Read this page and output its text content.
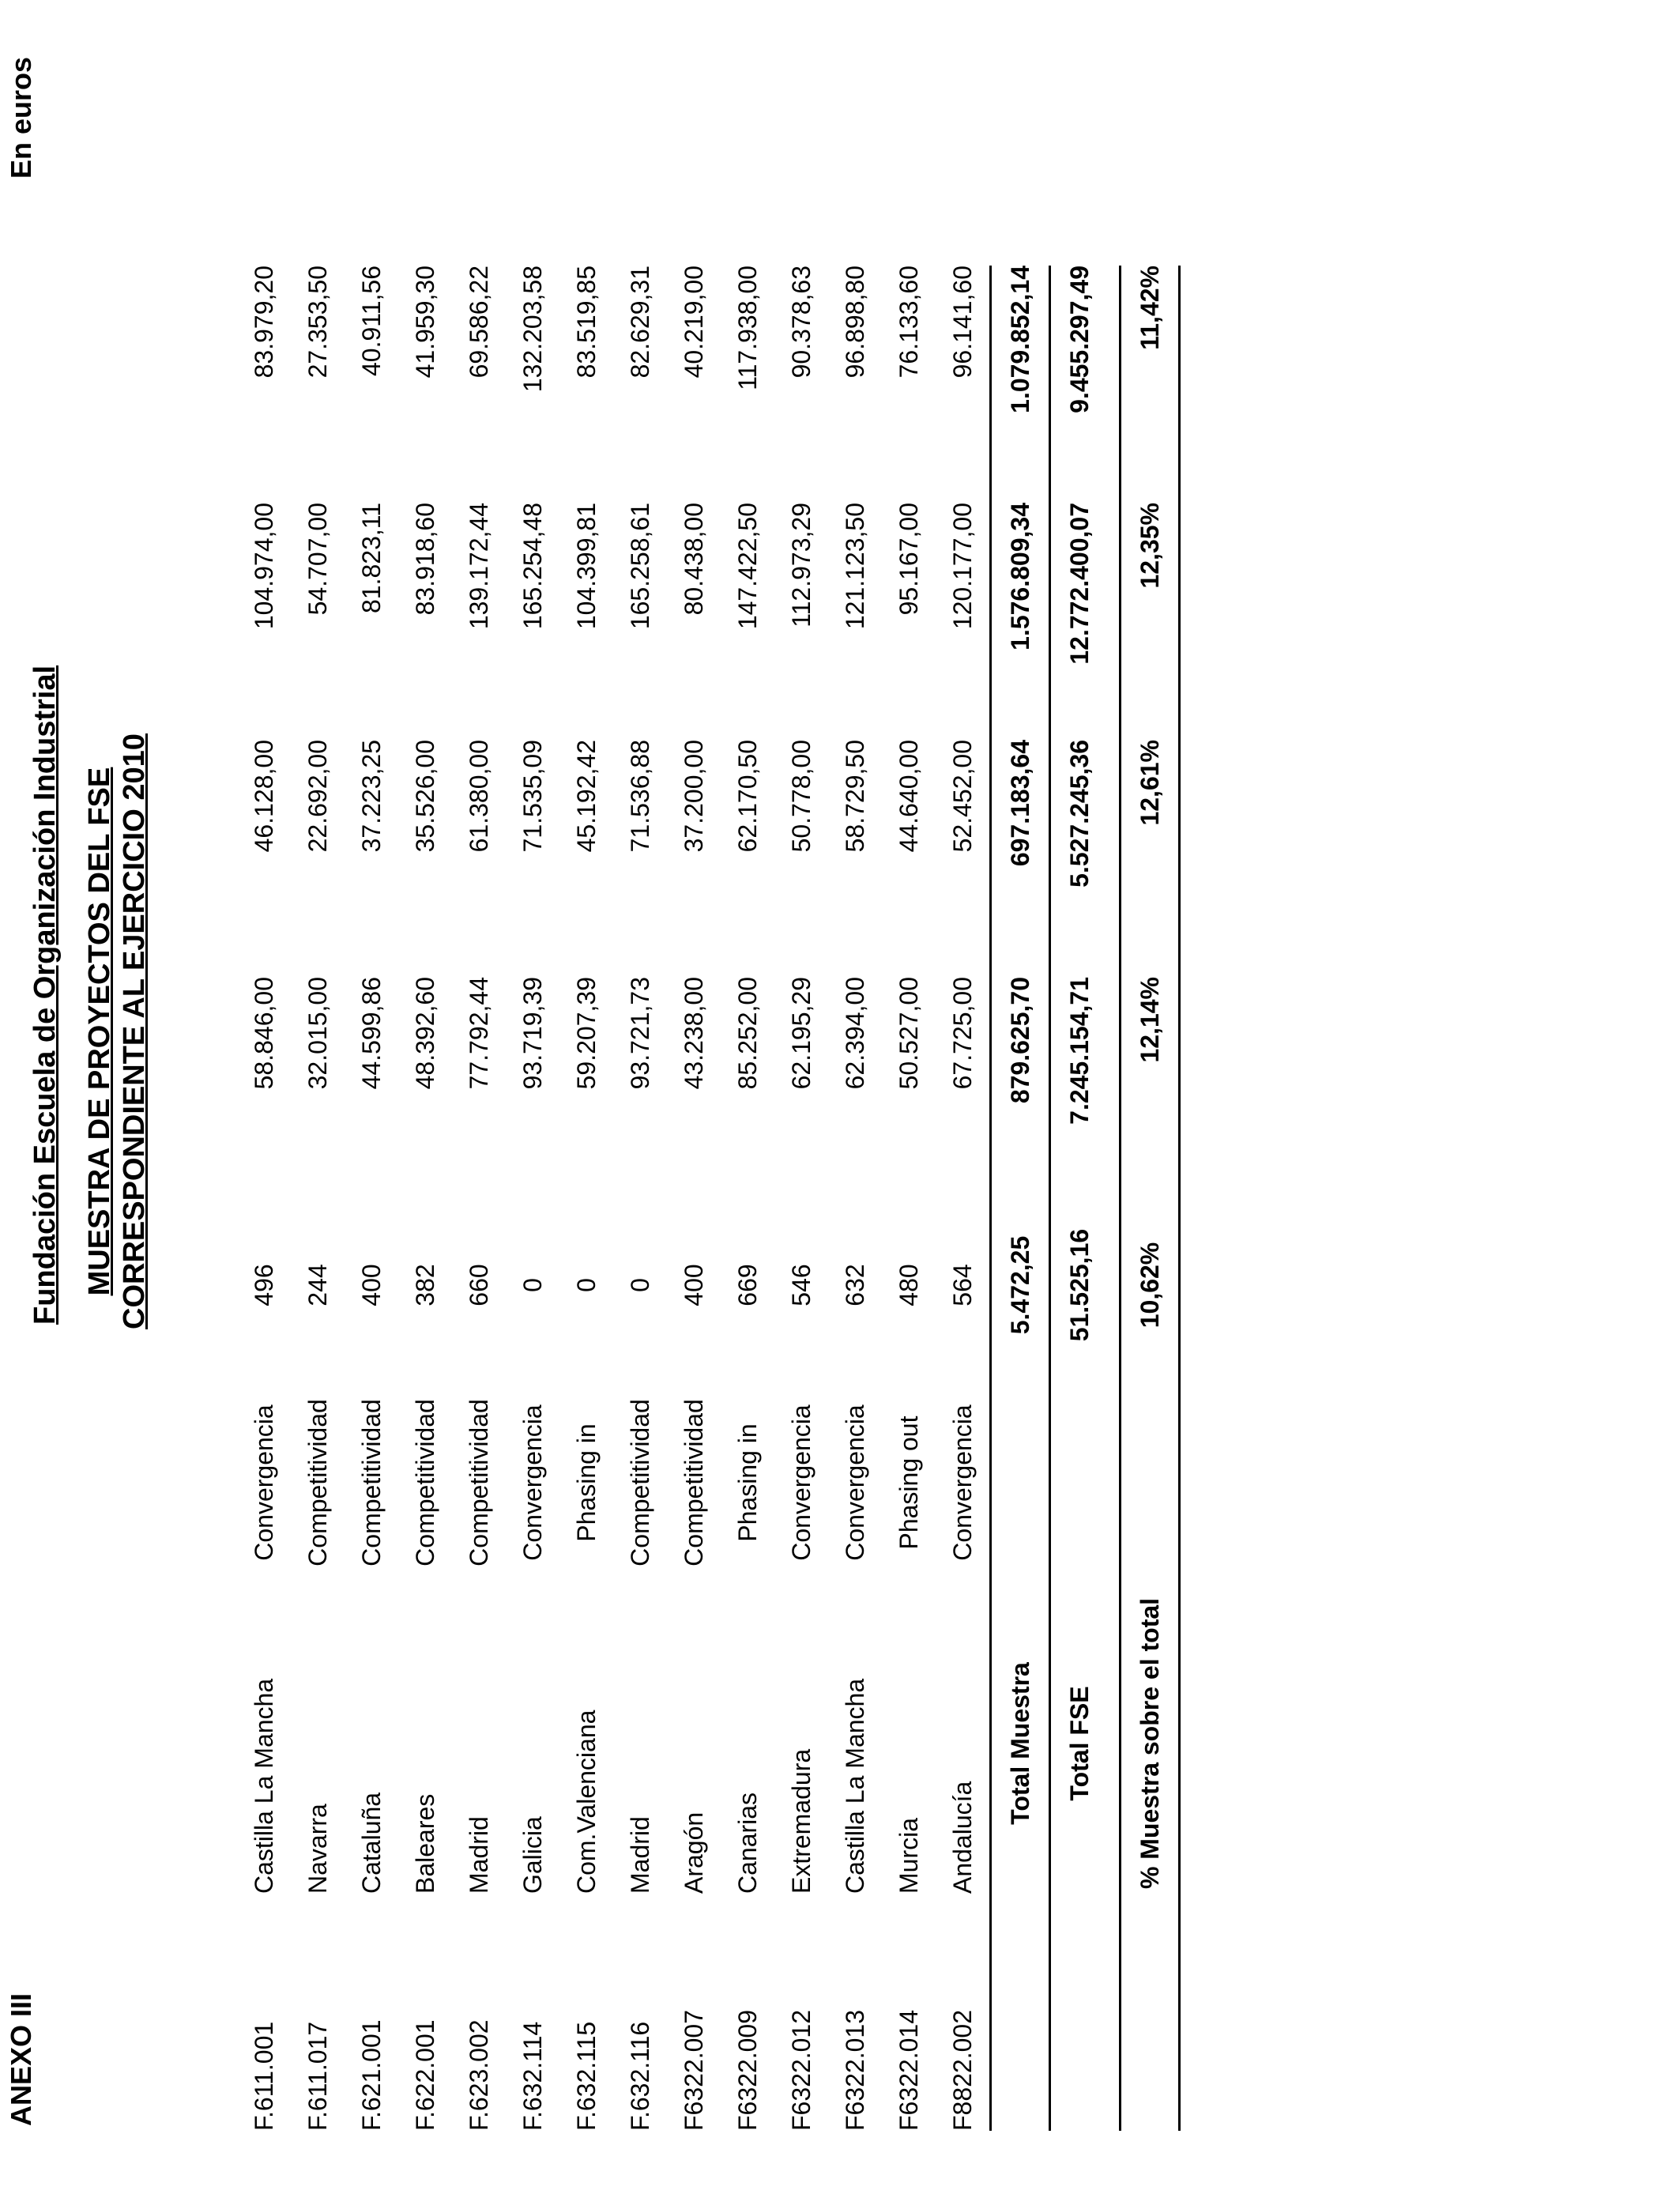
ANEXO III
En euros
Fundación Escuela de Organización Industrial MUESTRA DE PROYECTOS DEL FSE CORRESPONDIENTE AL EJERCICIO 2010
F.611.001	Castilla La Mancha	Convergencia	496	58.846,00	46.128,00	104.974,00	83.979,20
F.611.017	Navarra	Competitividad	244	32.015,00	22.692,00	54.707,00	27.353,50
F.621.001	Cataluña	Competitividad	400	44.599,86	37.223,25	81.823,11	40.911,56
F.622.001	Baleares	Competitividad	382	48.392,60	35.526,00	83.918,60	41.959,30
F.623.002	Madrid	Competitividad	660	77.792,44	61.380,00	139.172,44	69.586,22
F.632.114	Galicia	Convergencia	0	93.719,39	71.535,09	165.254,48	132.203,58
F.632.115	Com.Valenciana	Phasing in	0	59.207,39	45.192,42	104.399,81	83.519,85
F.632.116	Madrid	Competitividad	0	93.721,73	71.536,88	165.258,61	82.629,31
F6322.007	Aragón	Competitividad	400	43.238,00	37.200,00	80.438,00	40.219,00
F6322.009	Canarias	Phasing in	669	85.252,00	62.170,50	147.422,50	117.938,00
F6322.012	Extremadura	Convergencia	546	62.195,29	50.778,00	112.973,29	90.378,63
F6322.013	Castilla La Mancha	Convergencia	632	62.394,00	58.729,50	121.123,50	96.898,80
F6322.014	Murcia	Phasing out	480	50.527,00	44.640,00	95.167,00	76.133,60
F8822.002	Andalucía	Convergencia	564	67.725,00	52.452,00	120.177,00	96.141,60
Total Muestra			5.472,25	879.625,70	697.183,64	1.576.809,34	1.079.852,14
Total FSE			51.525,16	7.245.154,71	5.527.245,36	12.772.400,07	9.455.297,49

% Muestra sobre el total			10,62%	12,14%	12,61%	12,35%	11,42%
